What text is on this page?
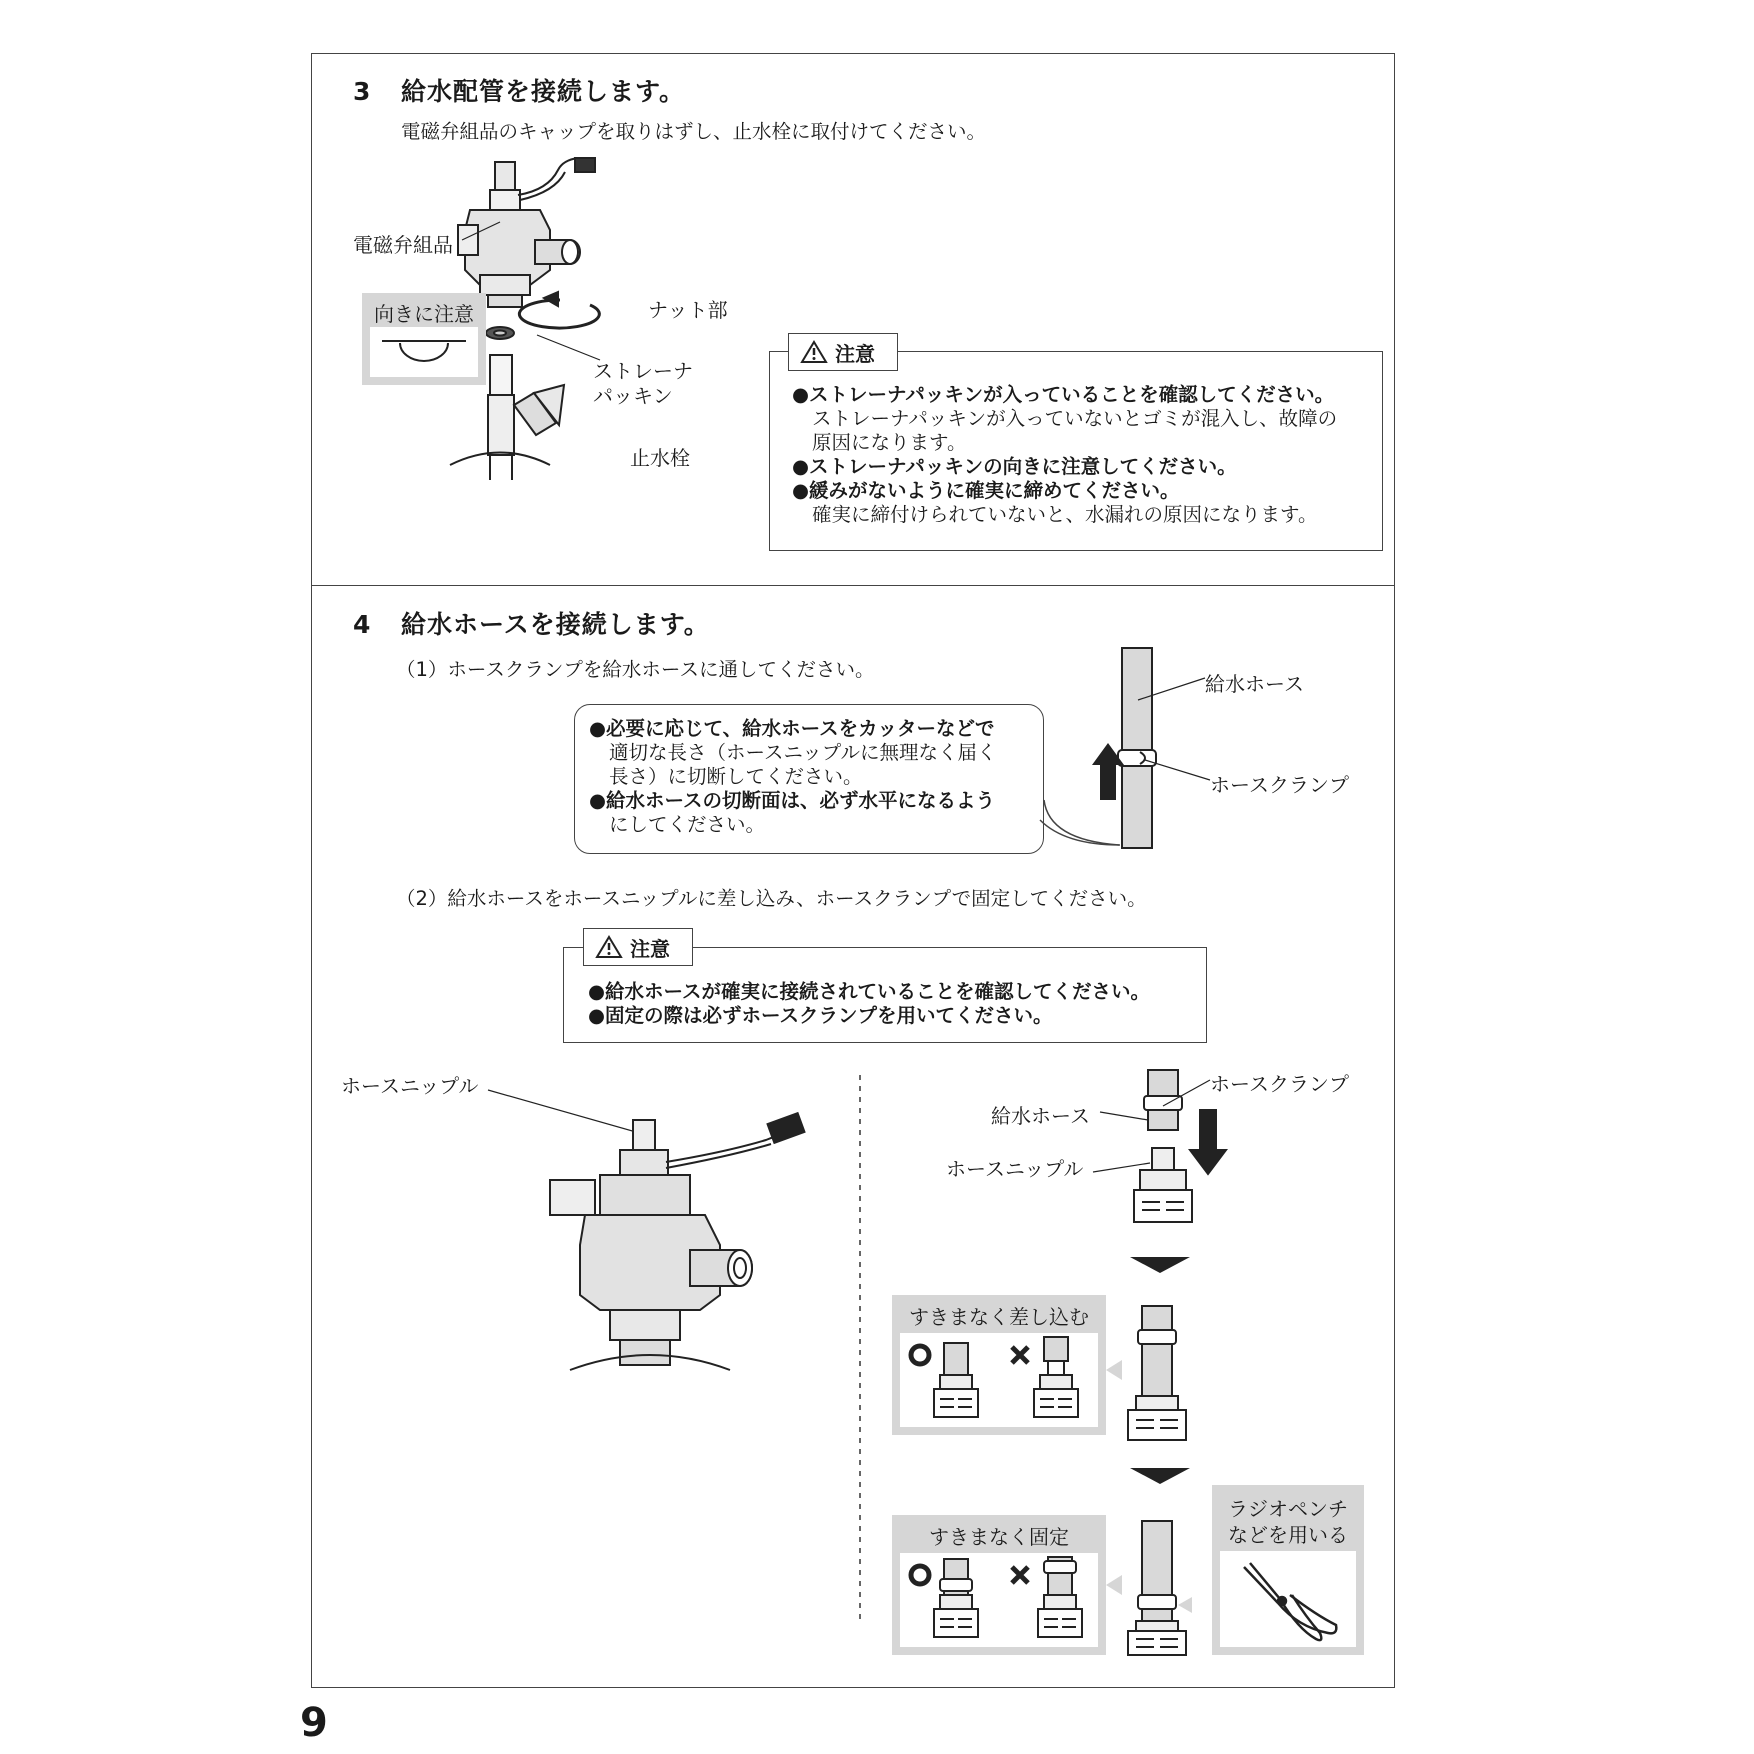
3 給水配管を接続します。
電磁弁組品のキャップを取りはずし、止水栓に取付けてください。
電磁弁組品
ナット部
ストレーナ
パッキン
止水栓
向きに注意
注意
●ストレーナパッキンが入っていることを確認してください。
ストレーナパッキンが入っていないとゴミが混入し、故障の
原因になります。
●ストレーナパッキンの向きに注意してください。
●緩みがないように確実に締めてください。
確実に締付けられていないと、水漏れの原因になります。
4 給水ホースを接続します。
（1）ホースクランプを給水ホースに通してください。
●必要に応じて、給水ホースをカッターなどで
適切な長さ（ホースニップルに無理なく届く
長さ）に切断してください。
●給水ホースの切断面は、必ず水平になるよう
にしてください。
給水ホース
ホースクランプ
（2）給水ホースをホースニップルに差し込み、ホースクランプで固定してください。
注意
●給水ホースが確実に接続されていることを確認してください。
●固定の際は必ずホースクランプを用いてください。
ホースニップル	ホースクランプ
給水ホース
ホースニップル
すきまなく差し込む
すきまなく固定
ラジオペンチ
などを用いる
9
